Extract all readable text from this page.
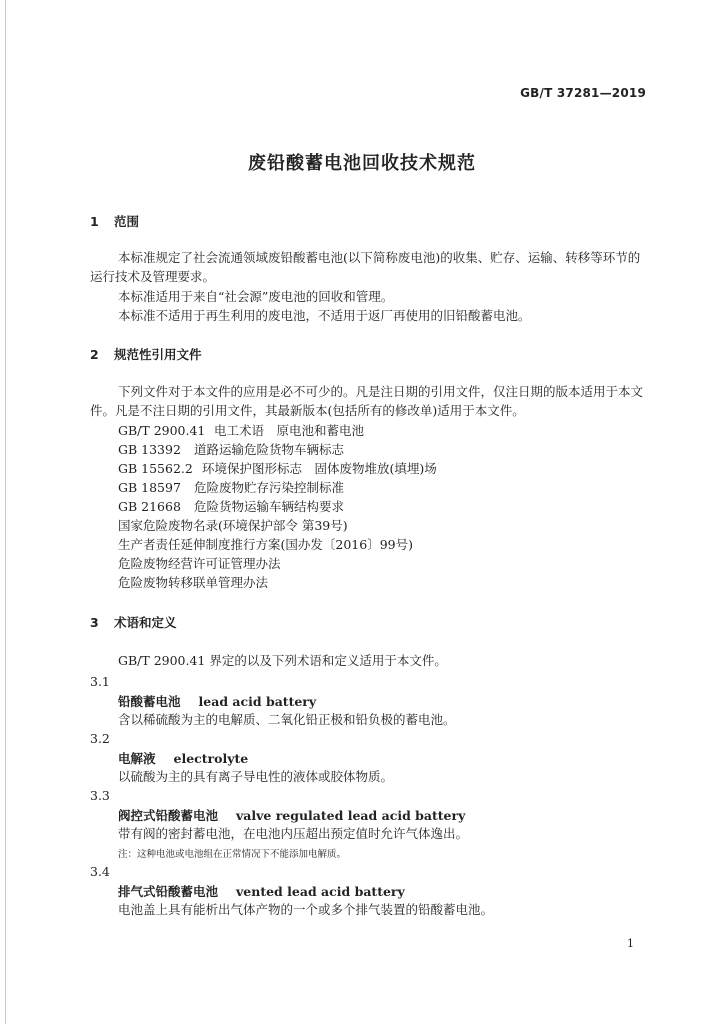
GB/T 37281—2019
废铅酸蓄电池回收技术规范
1 范围
本标准规定了社会流通领域废铅酸蓄电池(以下简称废电池)的收集、贮存、运输、转移等环节的运行技术及管理要求。
本标准适用于来自“社会源”废电池的回收和管理。
本标准不适用于再生利用的废电池，不适用于返厂再使用的旧铅酸蓄电池。
2 规范性引用文件
下列文件对于本文件的应用是必不可少的。凡是注日期的引用文件，仅注日期的版本适用于本文件。凡是不注日期的引用文件，其最新版本(包括所有的修改单)适用于本文件。
GB/T 2900.41 电工术语　原电池和蓄电池
GB 13392 道路运输危险货物车辆标志
GB 15562.2 环境保护图形标志　固体废物堆放(填埋)场
GB 18597 危险废物贮存污染控制标准
GB 21668 危险货物运输车辆结构要求
国家危险废物名录(环境保护部令 第39号)
生产者责任延伸制度推行方案(国办发〔2016〕99号)
危险废物经营许可证管理办法
危险废物转移联单管理办法
3 术语和定义
GB/T 2900.41 界定的以及下列术语和定义适用于本文件。
3.1
铅酸蓄电池 lead acid battery
含以稀硫酸为主的电解质、二氧化铅正极和铅负极的蓄电池。
3.2
电解液 electrolyte
以硫酸为主的具有离子导电性的液体或胶体物质。
3.3
阀控式铅酸蓄电池 valve regulated lead acid battery
带有阀的密封蓄电池，在电池内压超出预定值时允许气体逸出。
注：这种电池或电池组在正常情况下不能添加电解质。
3.4
排气式铅酸蓄电池 vented lead acid battery
电池盖上具有能析出气体产物的一个或多个排气装置的铅酸蓄电池。
1
